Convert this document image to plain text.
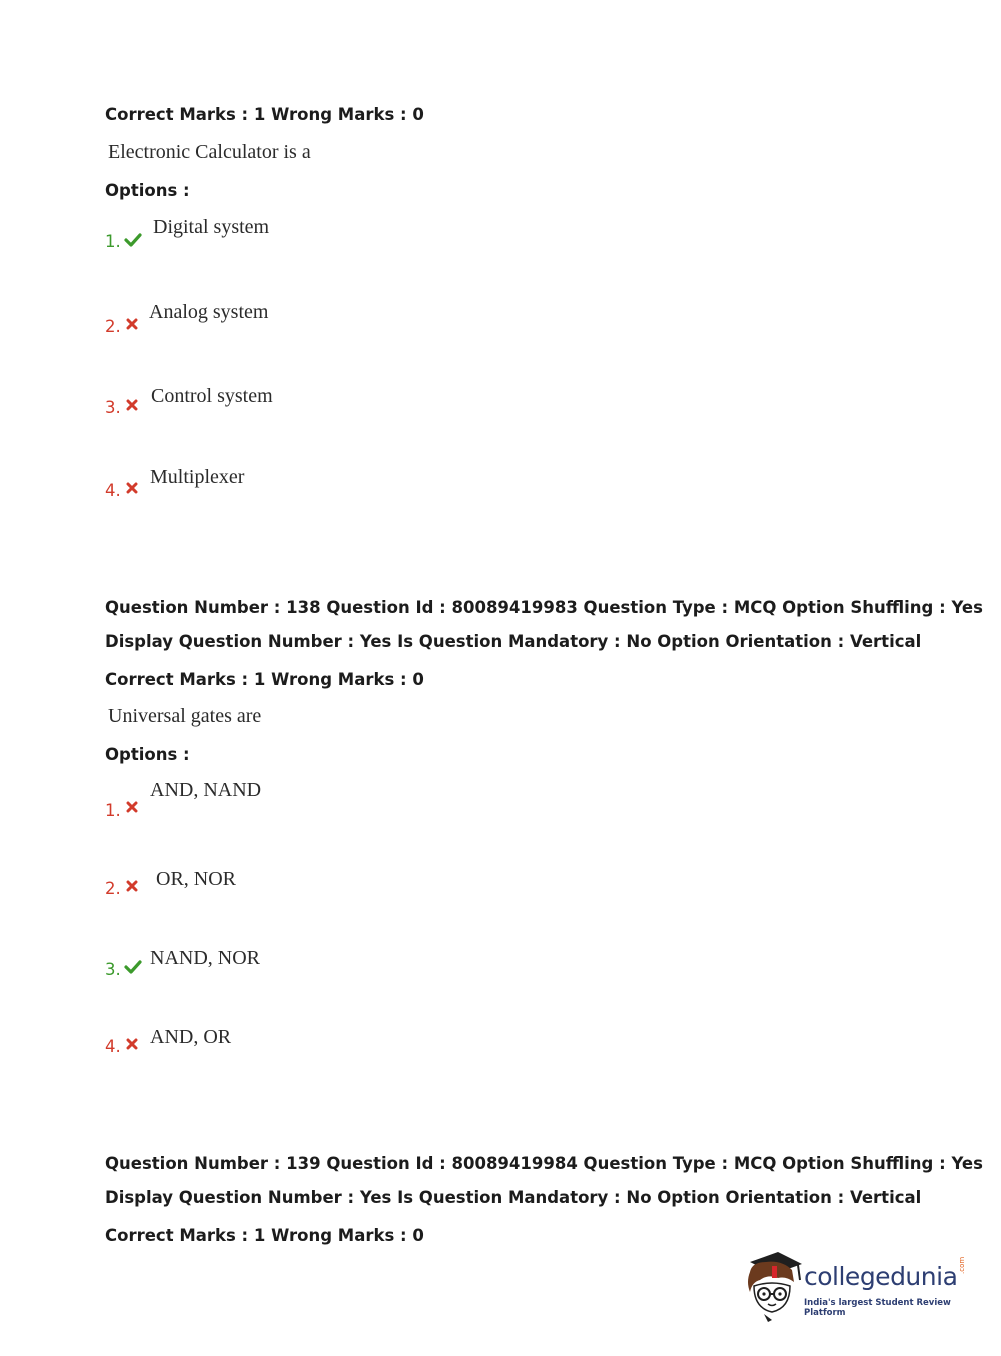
Correct Marks : 1 Wrong Marks : 0
Electronic Calculator is a
Options :
1.
Digital system
2.
Analog system
3.
Control system
4.
Multiplexer
Question Number : 138 Question Id : 80089419983 Question Type : MCQ Option Shuffling : Yes
Display Question Number : Yes Is Question Mandatory : No Option Orientation : Vertical
Correct Marks : 1 Wrong Marks : 0
Universal gates are
Options :
1.
AND, NAND
2. OR, NOR
3.
NAND, NOR
4. AND, OR
Question Number : 139 Question Id : 80089419984 Question Type : MCQ Option Shuffling : Yes
Display Question Number : Yes Is Question Mandatory : No Option Orientation : Vertical
Correct Marks : 1 Wrong Marks : 0
collegedunia .com
India's largest Student Review Platform
